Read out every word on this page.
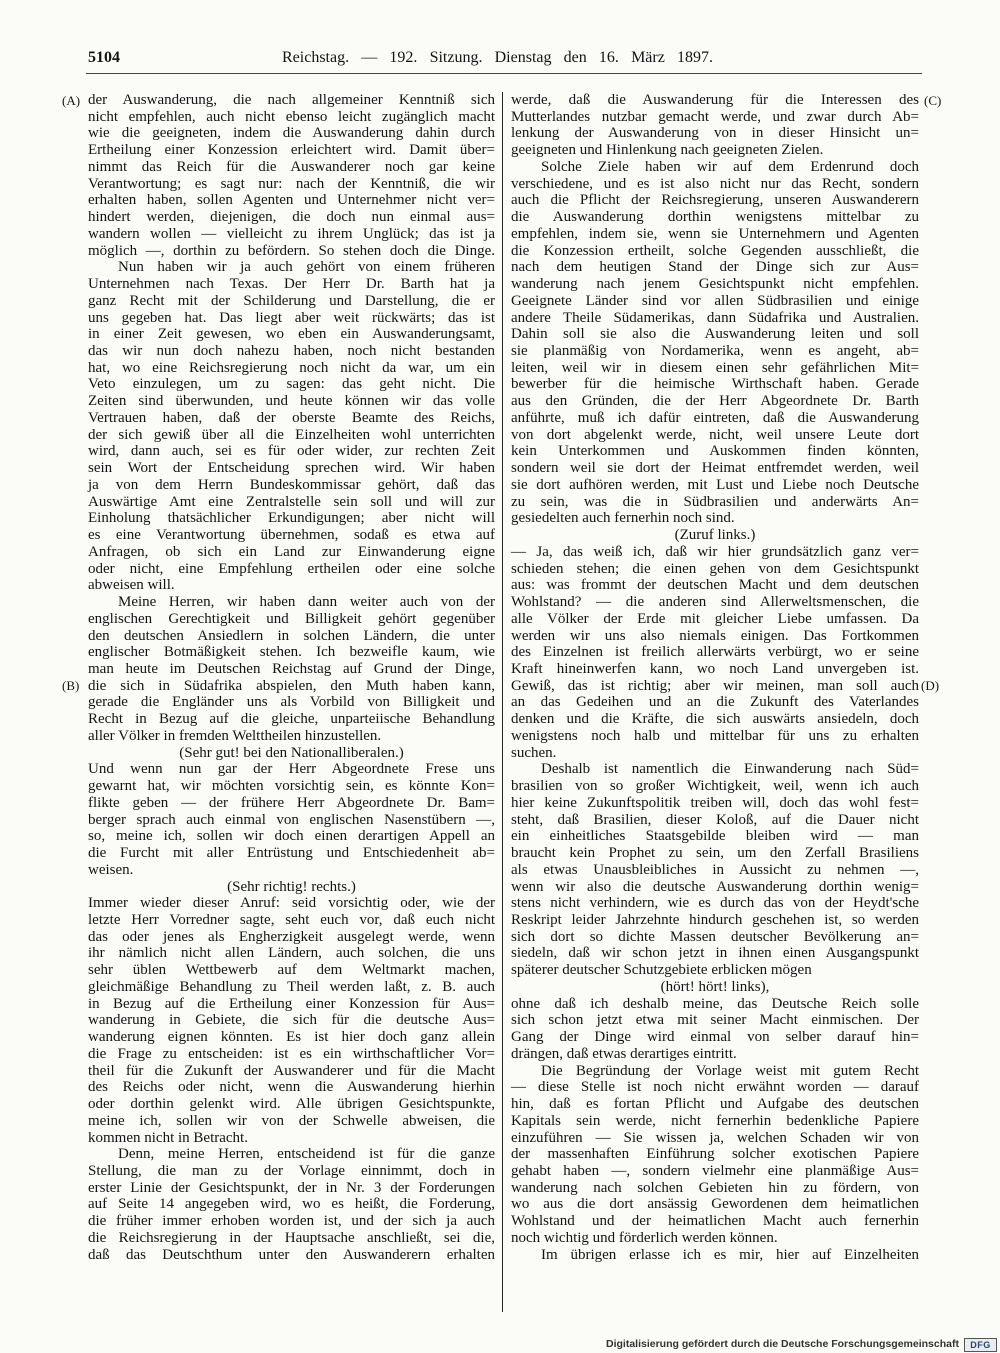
5104	Reichstag. — 192. Sitzung. Dienstag den 16. März 1897.
(A)
(B)
(C)
(D)
der Auswanderung, die nach allgemeiner Kenntniß sich
nicht empfehlen, auch nicht ebenso leicht zugänglich macht
wie die geeigneten, indem die Auswanderung dahin durch
Ertheilung einer Konzession erleichtert wird. Damit über=
nimmt das Reich für die Auswanderer noch gar keine
Verantwortung; es sagt nur: nach der Kenntniß, die wir
erhalten haben, sollen Agenten und Unternehmer nicht ver=
hindert werden, diejenigen, die doch nun einmal aus=
wandern wollen — vielleicht zu ihrem Unglück; das ist ja
möglich —, dorthin zu befördern. So stehen doch die Dinge.
Nun haben wir ja auch gehört von einem früheren
Unternehmen nach Texas. Der Herr Dr. Barth hat ja
ganz Recht mit der Schilderung und Darstellung, die er
uns gegeben hat. Das liegt aber weit rückwärts; das ist
in einer Zeit gewesen, wo eben ein Auswanderungsamt,
das wir nun doch nahezu haben, noch nicht bestanden
hat, wo eine Reichsregierung noch nicht da war, um ein
Veto einzulegen, um zu sagen: das geht nicht. Die
Zeiten sind überwunden, und heute können wir das volle
Vertrauen haben, daß der oberste Beamte des Reichs,
der sich gewiß über all die Einzelheiten wohl unterrichten
wird, dann auch, sei es für oder wider, zur rechten Zeit
sein Wort der Entscheidung sprechen wird. Wir haben
ja von dem Herrn Bundeskommissar gehört, daß das
Auswärtige Amt eine Zentralstelle sein soll und will zur
Einholung thatsächlicher Erkundigungen; aber nicht will
es eine Verantwortung übernehmen, sodaß es etwa auf
Anfragen, ob sich ein Land zur Einwanderung eigne
oder nicht, eine Empfehlung ertheilen oder eine solche
abweisen will.
Meine Herren, wir haben dann weiter auch von der
englischen Gerechtigkeit und Billigkeit gehört gegenüber
den deutschen Ansiedlern in solchen Ländern, die unter
englischer Botmäßigkeit stehen. Ich bezweifle kaum, wie
man heute im Deutschen Reichstag auf Grund der Dinge,
die sich in Südafrika abspielen, den Muth haben kann,
gerade die Engländer uns als Vorbild von Billigkeit und
Recht in Bezug auf die gleiche, unparteiische Behandlung
aller Völker in fremden Welttheilen hinzustellen.
(Sehr gut! bei den Nationalliberalen.)
Und wenn nun gar der Herr Abgeordnete Frese uns
gewarnt hat, wir möchten vorsichtig sein, es könnte Kon=
flikte geben — der frühere Herr Abgeordnete Dr. Bam=
berger sprach auch einmal von englischen Nasenstübern —,
so, meine ich, sollen wir doch einen derartigen Appell an
die Furcht mit aller Entrüstung und Entschiedenheit ab=
weisen.
(Sehr richtig! rechts.)
Immer wieder dieser Anruf: seid vorsichtig oder, wie der
letzte Herr Vorredner sagte, seht euch vor, daß euch nicht
das oder jenes als Engherzigkeit ausgelegt werde, wenn
ihr nämlich nicht allen Ländern, auch solchen, die uns
sehr üblen Wettbewerb auf dem Weltmarkt machen,
gleichmäßige Behandlung zu Theil werden laßt, z. B. auch
in Bezug auf die Ertheilung einer Konzession für Aus=
wanderung in Gebiete, die sich für die deutsche Aus=
wanderung eignen könnten. Es ist hier doch ganz allein
die Frage zu entscheiden: ist es ein wirthschaftlicher Vor=
theil für die Zukunft der Auswanderer und für die Macht
des Reichs oder nicht, wenn die Auswanderung hierhin
oder dorthin gelenkt wird. Alle übrigen Gesichtspunkte,
meine ich, sollen wir von der Schwelle abweisen, die
kommen nicht in Betracht.
Denn, meine Herren, entscheidend ist für die ganze
Stellung, die man zu der Vorlage einnimmt, doch in
erster Linie der Gesichtspunkt, der in Nr. 3 der Forderungen
auf Seite 14 angegeben wird, wo es heißt, die Forderung,
die früher immer erhoben worden ist, und der sich ja auch
die Reichsregierung in der Hauptsache anschließt, sei die,
daß das Deutschthum unter den Auswanderern erhalten
werde, daß die Auswanderung für die Interessen des
Mutterlandes nutzbar gemacht werde, und zwar durch Ab=
lenkung der Auswanderung von in dieser Hinsicht un=
geeigneten und Hinlenkung nach geeigneten Zielen.
Solche Ziele haben wir auf dem Erdenrund doch
verschiedene, und es ist also nicht nur das Recht, sondern
auch die Pflicht der Reichsregierung, unseren Auswanderern
die Auswanderung dorthin wenigstens mittelbar zu
empfehlen, indem sie, wenn sie Unternehmern und Agenten
die Konzession ertheilt, solche Gegenden ausschließt, die
nach dem heutigen Stand der Dinge sich zur Aus=
wanderung nach jenem Gesichtspunkt nicht empfehlen.
Geeignete Länder sind vor allen Südbrasilien und einige
andere Theile Südamerikas, dann Südafrika und Australien.
Dahin soll sie also die Auswanderung leiten und soll
sie planmäßig von Nordamerika, wenn es angeht, ab=
leiten, weil wir in diesem einen sehr gefährlichen Mit=
bewerber für die heimische Wirthschaft haben. Gerade
aus den Gründen, die der Herr Abgeordnete Dr. Barth
anführte, muß ich dafür eintreten, daß die Auswanderung
von dort abgelenkt werde, nicht, weil unsere Leute dort
kein Unterkommen und Auskommen finden könnten,
sondern weil sie dort der Heimat entfremdet werden, weil
sie dort aufhören werden, mit Lust und Liebe noch Deutsche
zu sein, was die in Südbrasilien und anderwärts An=
gesiedelten auch fernerhin noch sind.
(Zuruf links.)
— Ja, das weiß ich, daß wir hier grundsätzlich ganz ver=
schieden stehen; die einen gehen von dem Gesichtspunkt
aus: was frommt der deutschen Macht und dem deutschen
Wohlstand? — die anderen sind Allerweltsmenschen, die
alle Völker der Erde mit gleicher Liebe umfassen. Da
werden wir uns also niemals einigen. Das Fortkommen
des Einzelnen ist freilich allerwärts verbürgt, wo er seine
Kraft hineinwerfen kann, wo noch Land unvergeben ist.
Gewiß, das ist richtig; aber wir meinen, man soll auch
an das Gedeihen und an die Zukunft des Vaterlandes
denken und die Kräfte, die sich auswärts ansiedeln, doch
wenigstens noch halb und mittelbar für uns zu erhalten
suchen.
Deshalb ist namentlich die Einwanderung nach Süd=
brasilien von so großer Wichtigkeit, weil, wenn ich auch
hier keine Zukunftspolitik treiben will, doch das wohl fest=
steht, daß Brasilien, dieser Koloß, auf die Dauer nicht
ein einheitliches Staatsgebilde bleiben wird — man
braucht kein Prophet zu sein, um den Zerfall Brasiliens
als etwas Unausbleibliches in Aussicht zu nehmen —,
wenn wir also die deutsche Auswanderung dorthin wenig=
stens nicht verhindern, wie es durch das von der Heydt'sche
Reskript leider Jahrzehnte hindurch geschehen ist, so werden
sich dort so dichte Massen deutscher Bevölkerung an=
siedeln, daß wir schon jetzt in ihnen einen Ausgangspunkt
späterer deutscher Schutzgebiete erblicken mögen
(hört! hört! links),
ohne daß ich deshalb meine, das Deutsche Reich solle
sich schon jetzt etwa mit seiner Macht einmischen. Der
Gang der Dinge wird einmal von selber darauf hin=
drängen, daß etwas derartiges eintritt.
Die Begründung der Vorlage weist mit gutem Recht
— diese Stelle ist noch nicht erwähnt worden — darauf
hin, daß es fortan Pflicht und Aufgabe des deutschen
Kapitals sein werde, nicht fernerhin bedenkliche Papiere
einzuführen — Sie wissen ja, welchen Schaden wir von
der massenhaften Einführung solcher exotischen Papiere
gehabt haben —, sondern vielmehr eine planmäßige Aus=
wanderung nach solchen Gebieten hin zu fördern, von
wo aus die dort ansässig Gewordenen dem heimatlichen
Wohlstand und der heimatlichen Macht auch fernerhin
noch wichtig und förderlich werden können.
Im übrigen erlasse ich es mir, hier auf Einzelheiten
Digitalisierung gefördert durch die Deutsche Forschungsgemeinschaft	DFG
